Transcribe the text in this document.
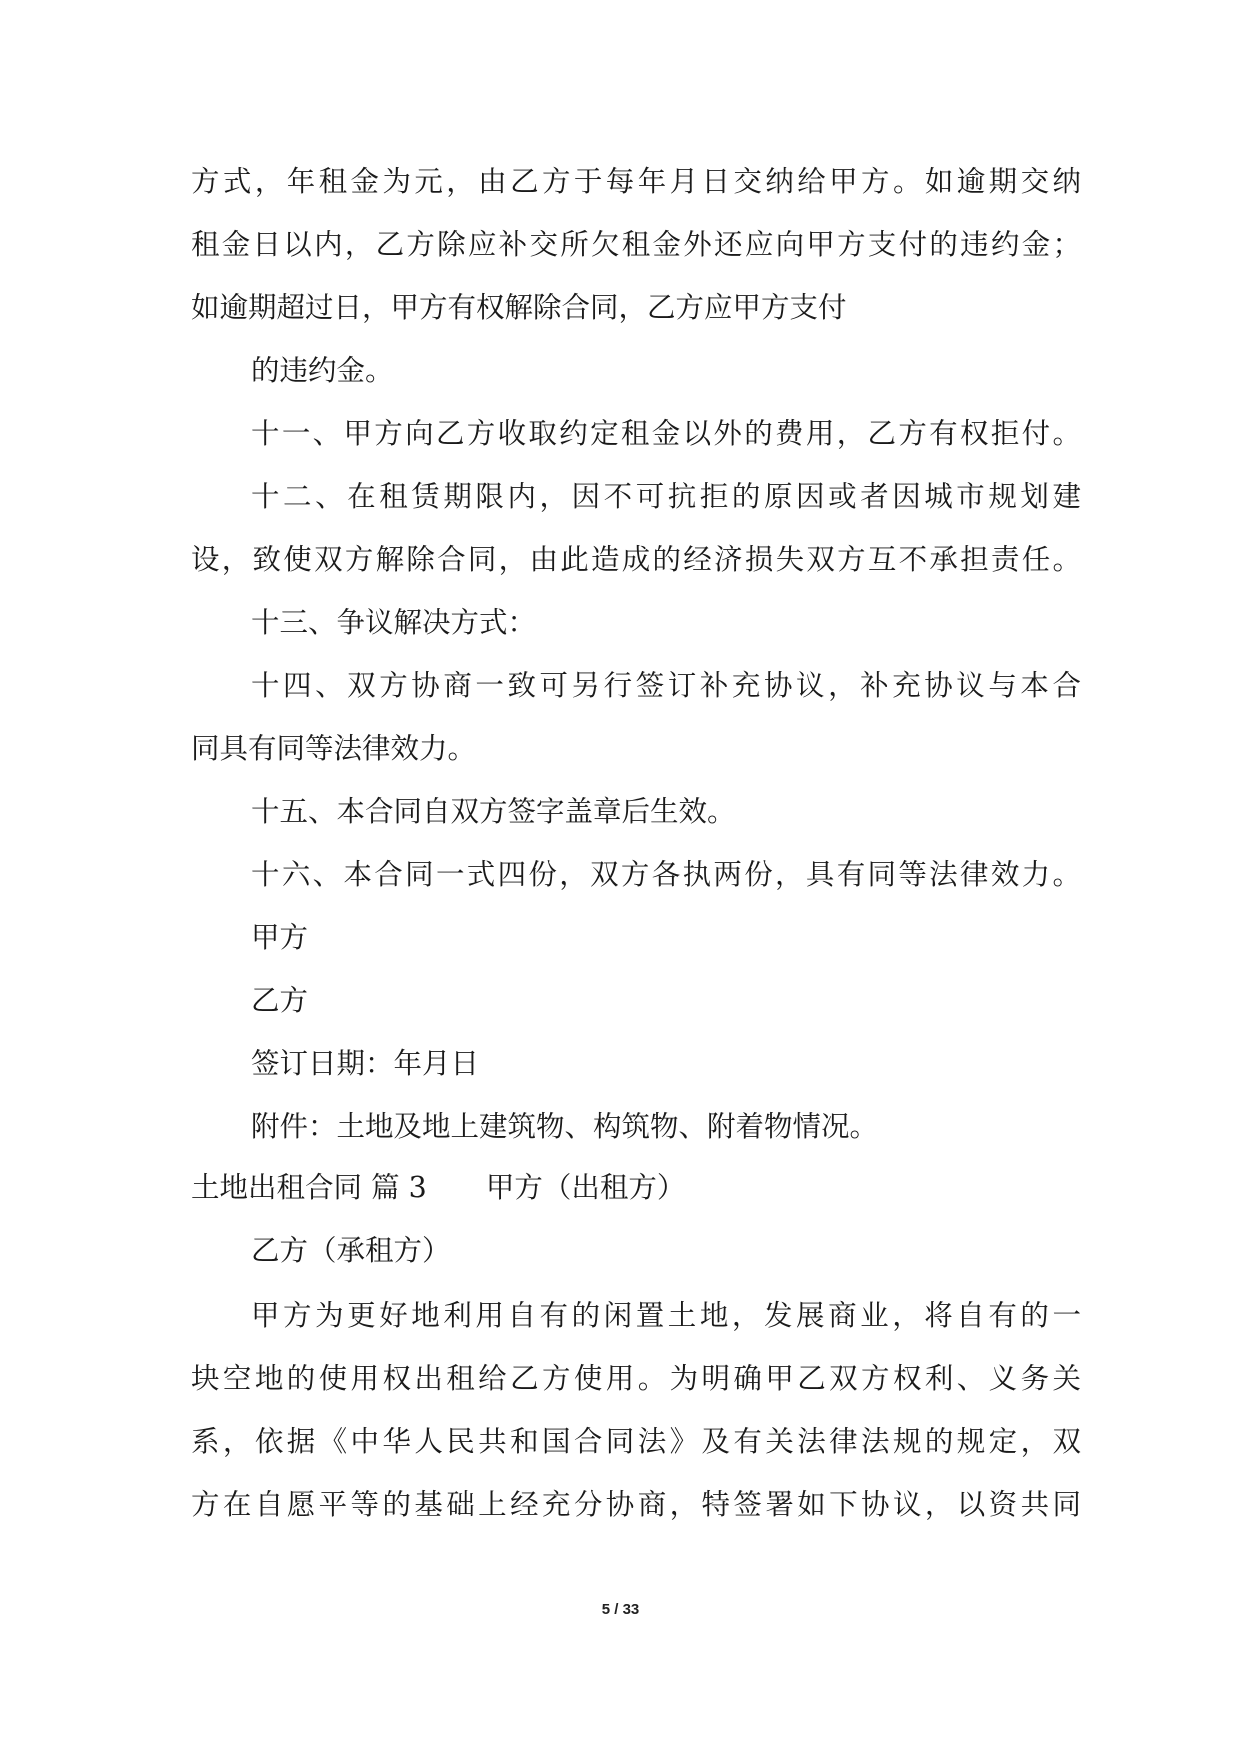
方式，年租金为元，由乙方于每年月日交纳给甲方。如逾期交纳
租金日以内，乙方除应补交所欠租金外还应向甲方支付的违约金；
如逾期超过日，甲方有权解除合同，乙方应甲方支付
的违约金。
十一、甲方向乙方收取约定租金以外的费用，乙方有权拒付。
十二、在租赁期限内，因不可抗拒的原因或者因城市规划建
设，致使双方解除合同，由此造成的经济损失双方互不承担责任。
十三、争议解决方式：
十四、双方协商一致可另行签订补充协议，补充协议与本合
同具有同等法律效力。
十五、本合同自双方签字盖章后生效。
十六、本合同一式四份，双方各执两份，具有同等法律效力。
甲方
乙方
签订日期：年月日
附件：土地及地上建筑物、构筑物、附着物情况。
土地出租合同 篇 3 甲方（出租方）
乙方（承租方）
甲方为更好地利用自有的闲置土地，发展商业，将自有的一
块空地的使用权出租给乙方使用。为明确甲乙双方权利、义务关
系，依据《中华人民共和国合同法》及有关法律法规的规定，双
方在自愿平等的基础上经充分协商，特签署如下协议，以资共同
5 / 33
